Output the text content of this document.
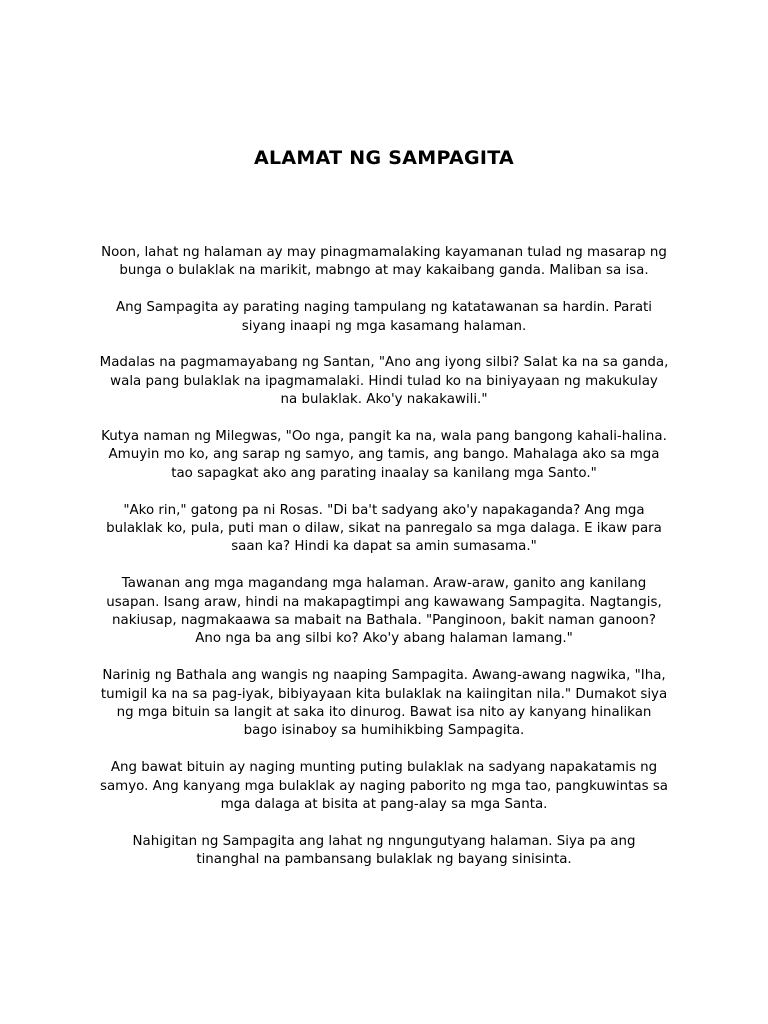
ALAMAT NG SAMPAGITA

Noon, lahat ng halaman ay may pinagmamalaking kayamanan tulad ng masarap ng
bunga o bulaklak na marikit, mabngo at may kakaibang ganda. Maliban sa isa.

Ang Sampagita ay parating naging tampulang ng katatawanan sa hardin. Parati
siyang inaapi ng mga kasamang halaman.

Madalas na pagmamayabang ng Santan, "Ano ang iyong silbi? Salat ka na sa ganda,
wala pang bulaklak na ipagmamalaki. Hindi tulad ko na biniyayaan ng makukulay
na bulaklak. Ako'y nakakawili."

Kutya naman ng Milegwas, "Oo nga, pangit ka na, wala pang bangong kahali-halina.
Amuyin mo ko, ang sarap ng samyo, ang tamis, ang bango. Mahalaga ako sa mga
tao sapagkat ako ang parating inaalay sa kanilang mga Santo."

"Ako rin," gatong pa ni Rosas. "Di ba't sadyang ako'y napakaganda? Ang mga
bulaklak ko, pula, puti man o dilaw, sikat na panregalo sa mga dalaga. E ikaw para
saan ka? Hindi ka dapat sa amin sumasama."

Tawanan ang mga magandang mga halaman. Araw-araw, ganito ang kanilang
usapan. Isang araw, hindi na makapagtimpi ang kawawang Sampagita. Nagtangis,
nakiusap, nagmakaawa sa mabait na Bathala. "Panginoon, bakit naman ganoon?
Ano nga ba ang silbi ko? Ako'y abang halaman lamang."

Narinig ng Bathala ang wangis ng naaping Sampagita. Awang-awang nagwika, "Iha,
tumigil ka na sa pag-iyak, bibiyayaan kita bulaklak na kaiingitan nila." Dumakot siya
ng mga bituin sa langit at saka ito dinurog. Bawat isa nito ay kanyang hinalikan
bago isinaboy sa humihikbing Sampagita.

Ang bawat bituin ay naging munting puting bulaklak na sadyang napakatamis ng
samyo. Ang kanyang mga bulaklak ay naging paborito ng mga tao, pangkuwintas sa
mga dalaga at bisita at pang-alay sa mga Santa.

Nahigitan ng Sampagita ang lahat ng nngungutyang halaman. Siya pa ang
tinanghal na pambansang bulaklak ng bayang sinisinta.
